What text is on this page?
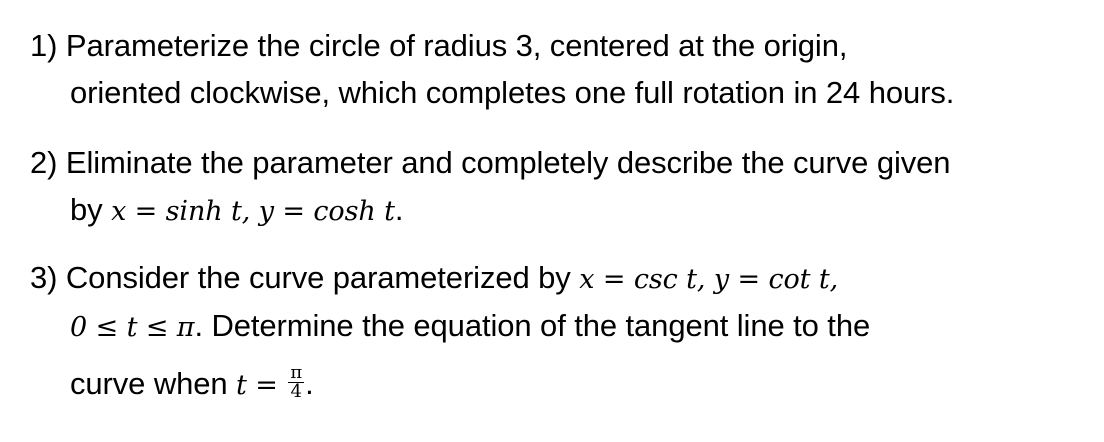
1) Parameterize the circle of radius 3, centered at the origin,
oriented clockwise, which completes one full rotation in 24 hours.
2) Eliminate the parameter and completely describe the curve given
by x = sinh t, y = cosh t.
3) Consider the curve parameterized by x = csc t, y = cot t,
0 ≤ t ≤ π. Determine the equation of the tangent line to the
curve when $t = \frac{\pi}{4}$ .
